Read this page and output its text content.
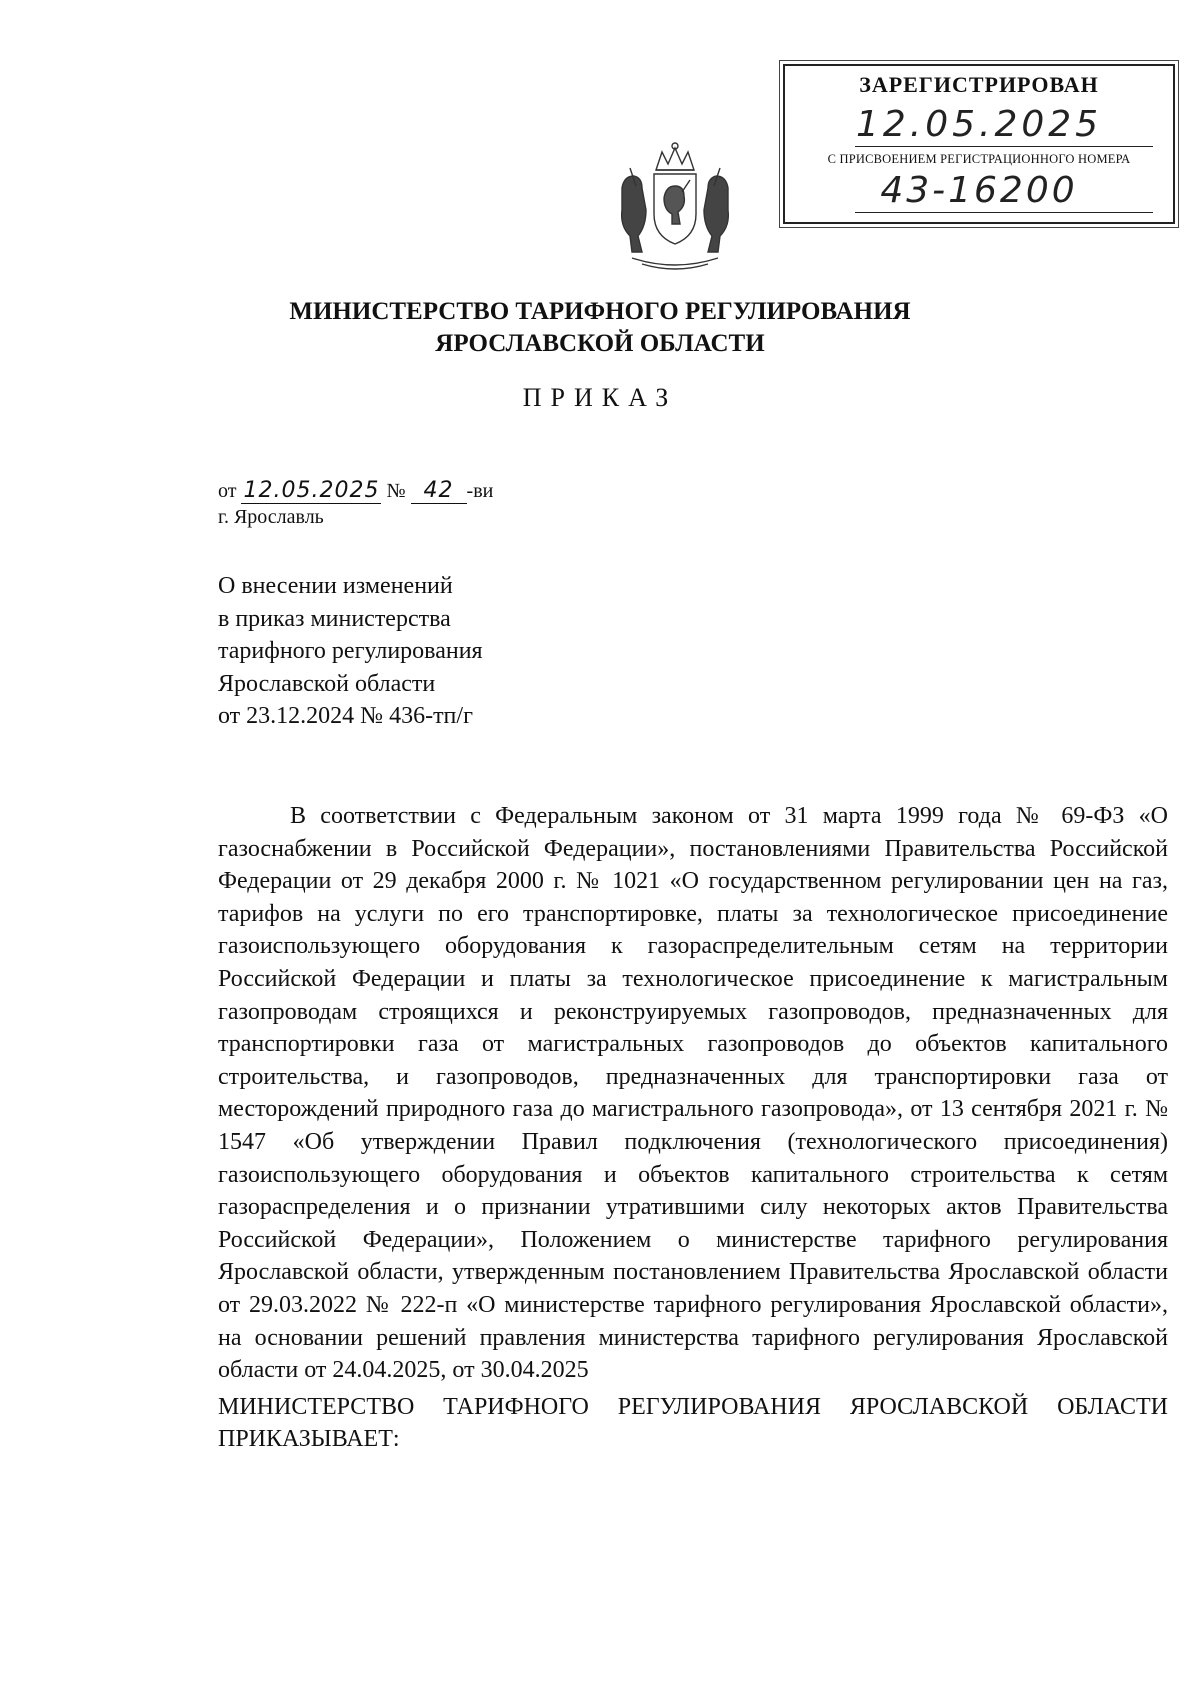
ЗАРЕГИСТРИРОВАН
12.05.2025
С ПРИСВОЕНИЕМ РЕГИСТРАЦИОННОГО НОМЕРА
43-16200
МИНИСТЕРСТВО ТАРИФНОГО РЕГУЛИРОВАНИЯ
ЯРОСЛАВСКОЙ ОБЛАСТИ
ПРИКАЗ
от 12.05.2025 № 42 -ви
г. Ярославль
О внесении изменений
в приказ министерства
тарифного регулирования
Ярославской области
от 23.12.2024 № 436-тп/г

В соответствии с Федеральным законом от 31 марта 1999 года № 69-ФЗ «О газоснабжении в Российской Федерации», постановлениями Правительства Российской Федерации от 29 декабря 2000 г. № 1021 «О государственном регулировании цен на газ, тарифов на услуги по его транспортировке, платы за технологическое присоединение газоиспользующего оборудования к газораспределительным сетям на территории Российской Федерации и платы за технологическое присоединение к магистральным газопроводам строящихся и реконструируемых газопроводов, предназначенных для транспортировки газа от магистральных газопроводов до объектов капитального строительства, и газопроводов, предназначенных для транспортировки газа от месторождений природного газа до магистрального газопровода», от 13 сентября 2021 г. № 1547 «Об утверждении Правил подключения (технологического присоединения) газоиспользующего оборудования и объектов капитального строительства к сетям газораспределения и о признании утратившими силу некоторых актов Правительства Российской Федерации», Положением о министерстве тарифного регулирования Ярославской области, утвержденным постановлением Правительства Ярославской области от 29.03.2022 № 222-п «О министерстве тарифного регулирования Ярославской области», на основании решений правления министерства тарифного регулирования Ярославской области от 24.04.2025, от 30.04.2025

МИНИСТЕРСТВО ТАРИФНОГО РЕГУЛИРОВАНИЯ ЯРОСЛАВСКОЙ ОБЛАСТИ ПРИКАЗЫВАЕТ:
